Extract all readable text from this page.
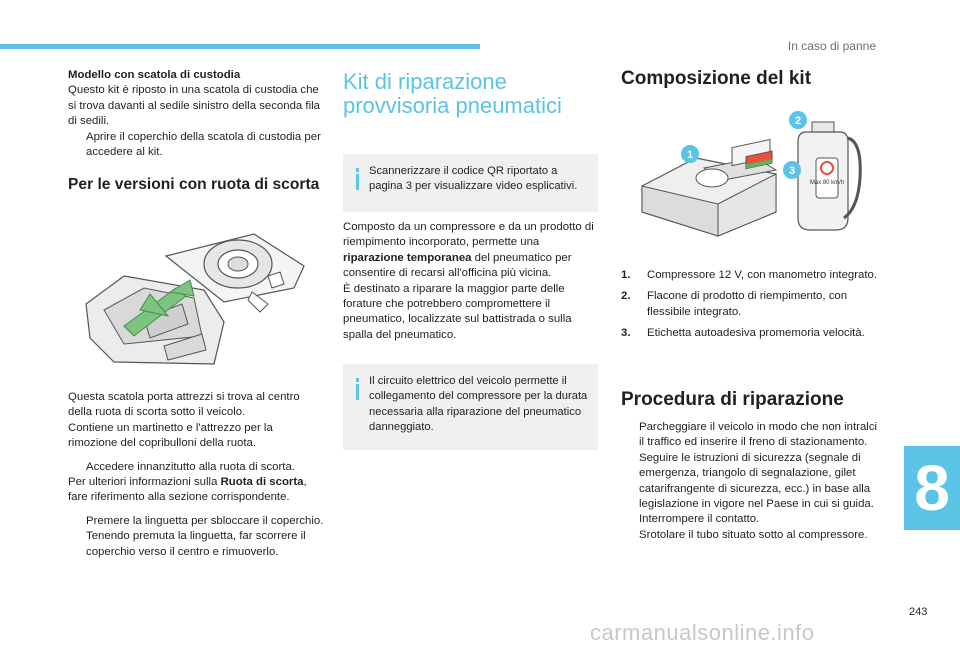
In caso di panne

Modello con scatola di custodia

Questo kit è riposto in una scatola di custodia che si trova davanti al sedile sinistro della seconda fila di sedili.

Aprire il coperchio della scatola di custodia per accedere al kit.
Per le versioni con ruota di scorta

Questa scatola porta attrezzi si trova al centro della ruota di scorta sotto il veicolo.

Contiene un martinetto e l'attrezzo per la rimozione del copribulloni della ruota.

Accedere innanzitutto alla ruota di scorta.

Per ulteriori informazioni sulla Ruota di scorta, fare riferimento alla sezione corrispondente.

Premere la linguetta per sbloccare il coperchio.
Tenendo premuta la linguetta, far scorrere il coperchio verso il centro e rimuoverlo.
Kit di riparazione
provvisoria pneumatici
Scannerizzare il codice QR riportato a pagina 3 per visualizzare video esplicativi.

Composto da un compressore e da un prodotto di riempimento incorporato, permette una riparazione temporanea del pneumatico per consentire di recarsi all'officina più vicina.

È destinato a riparare la maggior parte delle forature che potrebbero compromettere il pneumatico, localizzate sul battistrada o sulla spalla del pneumatico.

Il circuito elettrico del veicolo permette il collegamento del compressore per la durata necessaria alla riparazione del pneumatico danneggiato.
Composizione del kit
Max 80 km/h
1
2
3
1. Compressore 12 V, con manometro integrato.
2. Flacone di prodotto di riempimento, con flessibile integrato.
3. Etichetta autoadesiva promemoria velocità.
Procedura di riparazione
Parcheggiare il veicolo in modo che non intralci il traffico ed inserire il freno di stazionamento.
Seguire le istruzioni di sicurezza (segnale di emergenza, triangolo di segnalazione, gilet catarifrangente di sicurezza, ecc.) in base alla legislazione in vigore nel Paese in cui si guida.
Interrompere il contatto.
Srotolare il tubo situato sotto al compressore.
8
243
carmanualsonline.info
